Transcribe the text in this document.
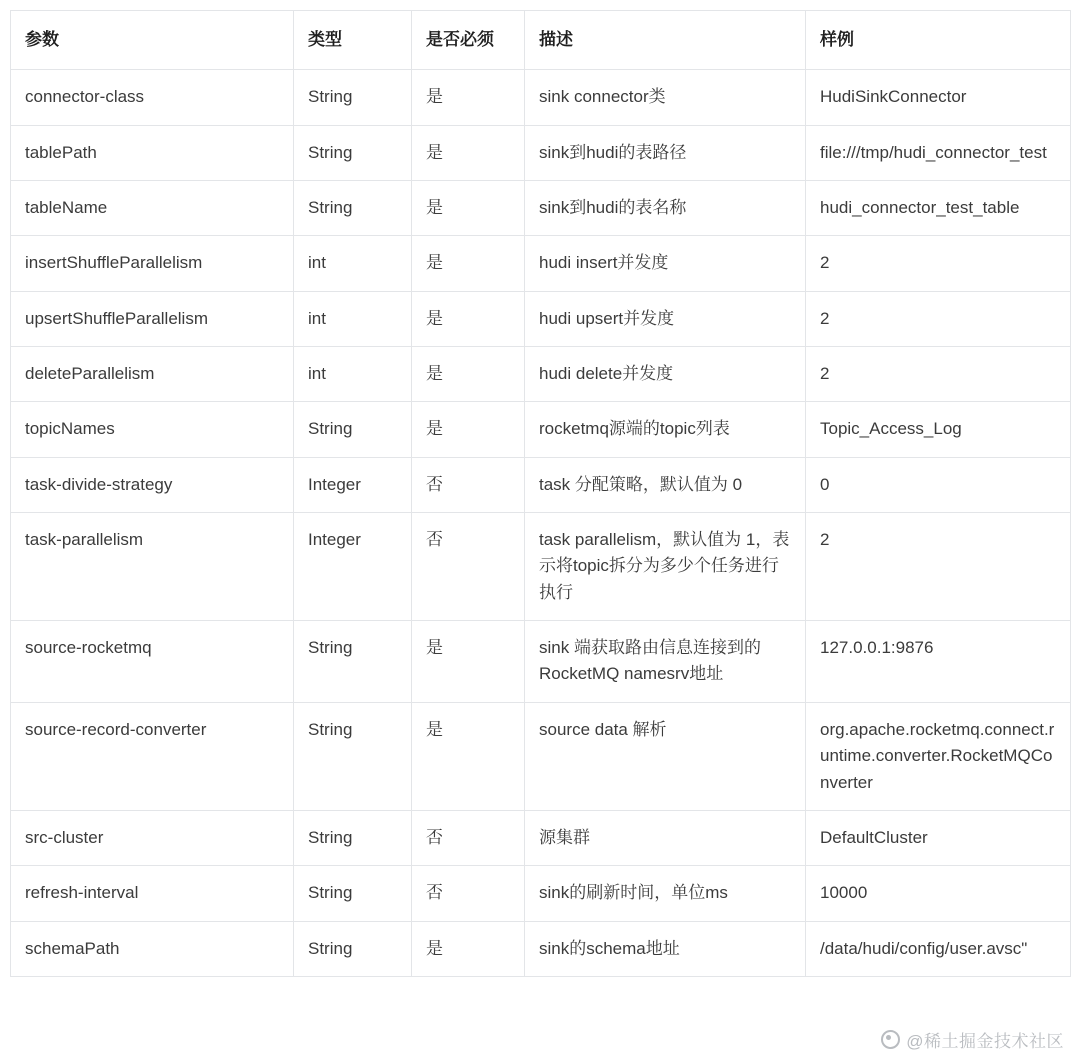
参数	类型	是否必须	描述	样例
connector-class	String	是	sink connector类	HudiSinkConnector
tablePath	String	是	sink到hudi的表路径	file:///tmp/hudi_connector_test
tableName	String	是	sink到hudi的表名称	hudi_connector_test_table
insertShuffleParallelism	int	是	hudi insert并发度	2
upsertShuffleParallelism	int	是	hudi upsert并发度	2
deleteParallelism	int	是	hudi delete并发度	2
topicNames	String	是	rocketmq源端的topic列表	Topic_Access_Log
task-divide-strategy	Integer	否	task 分配策略，默认值为 0	0
task-parallelism	Integer	否	task parallelism，默认值为 1，表示将topic拆分为多少个任务进行执行	2
source-rocketmq	String	是	sink 端获取路由信息连接到的RocketMQ namesrv地址	127.0.0.1:9876
source-record-converter	String	是	source data 解析	org.apache.rocketmq.connect.runtime.converter.RocketMQConverter
src-cluster	String	否	源集群	DefaultCluster
refresh-interval	String	否	sink的刷新时间，单位ms	10000
schemaPath	String	是	sink的schema地址	/data/hudi/config/user.avsc"
@稀土掘金技术社区
